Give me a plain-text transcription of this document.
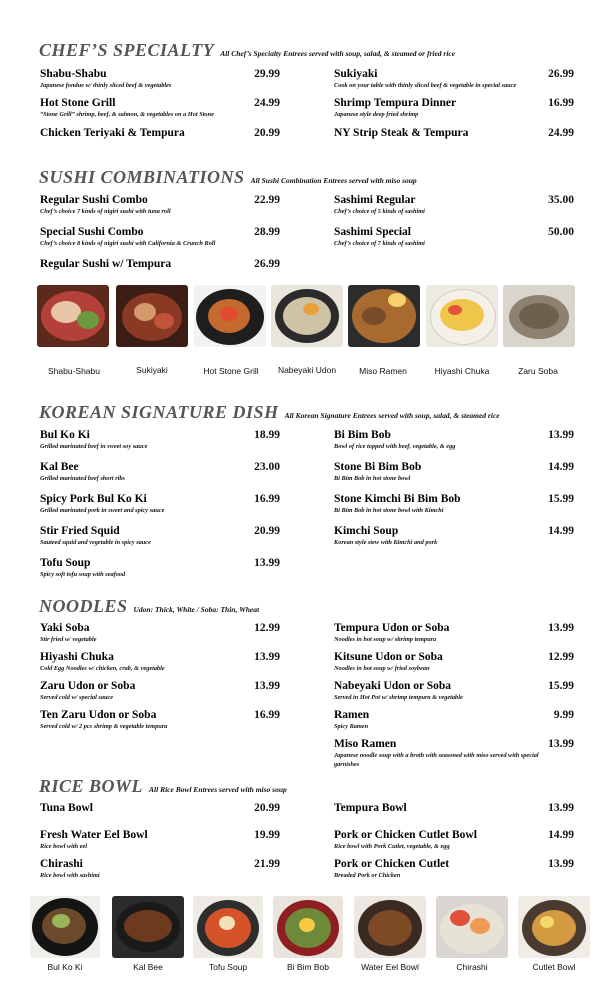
CHEF’S SPECIALTY All Chef’s Specialty Entrees served with soup, salad, & steamed or fried rice
Shabu-Shabu	29.99
Japanese fondue w/ thinly sliced beef & vegetables
Hot Stone Grill	24.99
“Stone Grill” shrimp, beef, & salmon, & vegetables on a Hot Stone
Chicken Teriyaki & Tempura	20.99
Sukiyaki	26.99
Cook on your table with thinly sliced beef & vegetable in special sauce
Shrimp Tempura Dinner	16.99
Japanese style deep fried shrimp
NY Strip Steak & Tempura	24.99
SUSHI COMBINATIONS All Sushi Combination Entrees served with miso soup
Regular Sushi Combo	22.99
Chef’s choice 7 kinds of nigiri sushi with tuna roll
Special Sushi Combo	28.99
Chef’s choice 8 kinds of nigiri sushi with California & Crunch Roll
Regular Sushi w/ Tempura	26.99
Sashimi Regular	35.00
Chef’s choice of 5 kinds of sashimi
Sashimi Special	50.00
Chef’s choice of 7 kinds of sashimi
Shabu-Shabu	Sukiyaki	Hot Stone Grill	Nabeyaki Udon	Miso Ramen	Hiyashi Chuka	Zaru Soba
KOREAN SIGNATURE DISH All Korean Signature Entrees served with soup, salad, & steamed rice
Bul Ko Ki	18.99
Grilled marinated beef in sweet soy sauce
Kal Bee	23.00
Grilled marinated beef short ribs
Spicy Pork Bul Ko Ki	16.99
Grilled marinated pork in sweet and spicy sauce
Stir Fried Squid	20.99
Sauteed squid and vegetable in spicy sauce
Tofu Soup	13.99
Spicy soft tofu soup with seafood
Bi Bim Bob	13.99
Bowl of rice topped with beef, vegetable, & egg
Stone Bi Bim Bob	14.99
Bi Bim Bob in hot stone bowl
Stone Kimchi Bi Bim Bob	15.99
Bi Bim Bob in hot stone bowl with Kimchi
Kimchi Soup	14.99
Korean style stew with Kimchi and pork
NOODLES Udon: Thick, White / Soba: Thin, Wheat
Yaki Soba	12.99
Stir fried w/ vegetable
Hiyashi Chuka	13.99
Cold Egg Noodles w/ chicken, crab, & vegetable
Zaru Udon or Soba	13.99
Served cold w/ special sauce
Ten Zaru Udon or Soba	16.99
Served cold w/ 2 pcs shrimp & vegetable tempura
Tempura Udon or Soba	13.99
Noodles in hot soup w/ shrimp tempura
Kitsune Udon or Soba	12.99
Noodles in hot soup w/ fried soybean
Nabeyaki Udon or Soba	15.99
Served in Hot Pot w/ shrimp tempura & vegetable
Ramen	9.99
Spicy Ramen
Miso Ramen	13.99
Japanese noodle soup with a broth with seasoned with miso served with special garnishes
RICE BOWL All Rice Bowl Entrees served with miso soup
Tuna Bowl	20.99
Fresh Water Eel Bowl	19.99
Rice bowl with eel
Chirashi	21.99
Rice bowl with sashimi
Tempura Bowl	13.99
Pork or Chicken Cutlet Bowl	14.99
Rice bowl with Pork Cutlet, vegetable, & egg
Pork or Chicken Cutlet	13.99
Breaded Pork or Chicken
Bul Ko Ki	Kal Bee	Tofu Soup	Bi Bim Bob	Water Eel Bowl	Chirashi	Cutlet Bowl
